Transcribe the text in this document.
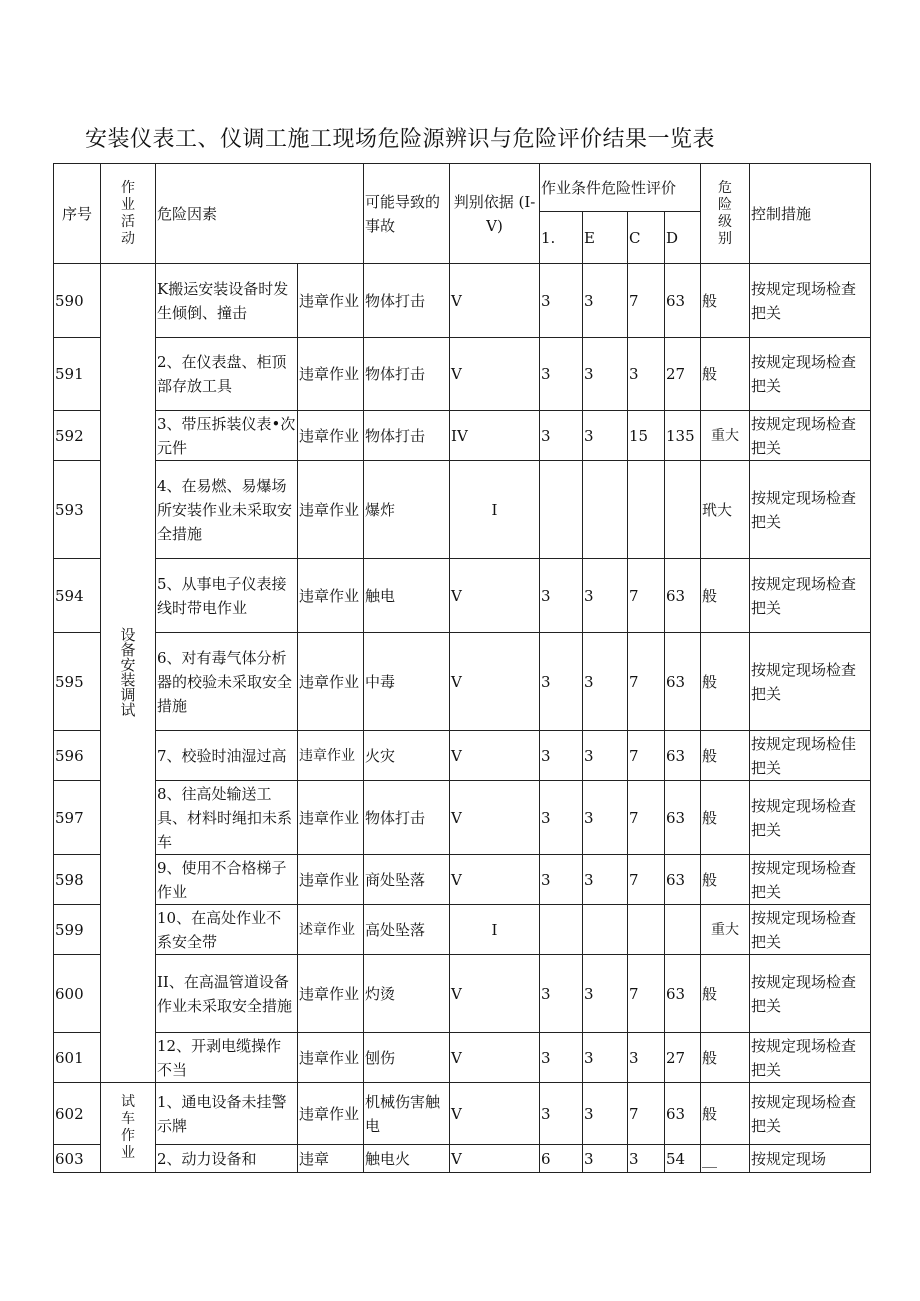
安装仪表工、仪调工施工现场危险源辨识与危险评价结果一览表
序号	作业活动	危险因素		可能导致的事故	判别依据 (I-V)	作业条件危险性评价				危险级别	控制措施
						1.	E	C	D		
590	设备安装调试	K搬运安装设备时发生倾倒、撞击	违章作业	物体打击	V	3	3	7	63	般	按规定现场检查把关
591		2、在仪表盘、柜顶部存放工具	违章作业	物体打击	V	3	3	3	27	般	按规定现场检查把关
592		3、带压拆装仪表•次元件	违章作业	物体打击	IV	3	3	15	135	重大	按规定现场检查把关
593		4、在易燃、易爆场所安装作业未采取安全措施	违章作业	爆炸	I					玳大	按规定现场检查把关
594		5、从事电子仪表接线时带电作业	违章作业	触电	V	3	3	7	63	般	按规定现场检查把关
595		6、对有毒气体分析器的校验未采取安全措施	违章作业	中毒	V	3	3	7	63	般	按规定现场检查把关
596		7、校验时油湿过高	违章作业	火灾	V	3	3	7	63	般	按规定现场检佳把关
597		8、往高处输送工具、材料时绳扣未系车	违章作业	物体打击	V	3	3	7	63	般	按规定现场检查把关
598		9、使用不合格梯子作业	违章作业	商处坠落	V	3	3	7	63	般	按规定现场检查把关
599		10、在高处作业不系安全带	述章作业	高处坠落	I					重大	按规定现场检查把关
600		II、在高温管道设备作业未采取安全措施	违章作业	灼烫	V	3	3	7	63	般	按规定现场检查把关
601		12、开剥电缆操作不当	违章作业	刨伤	V	3	3	3	27	般	按规定现场检查把关
602	试车作业	1、通电设备未挂警示牌	违章作业	机械伤害触电	V	3	3	7	63	般	按规定现场检查把关
603		2、动力设备和	违章	触电火	V	6	3	3	54	__	按规定现场
